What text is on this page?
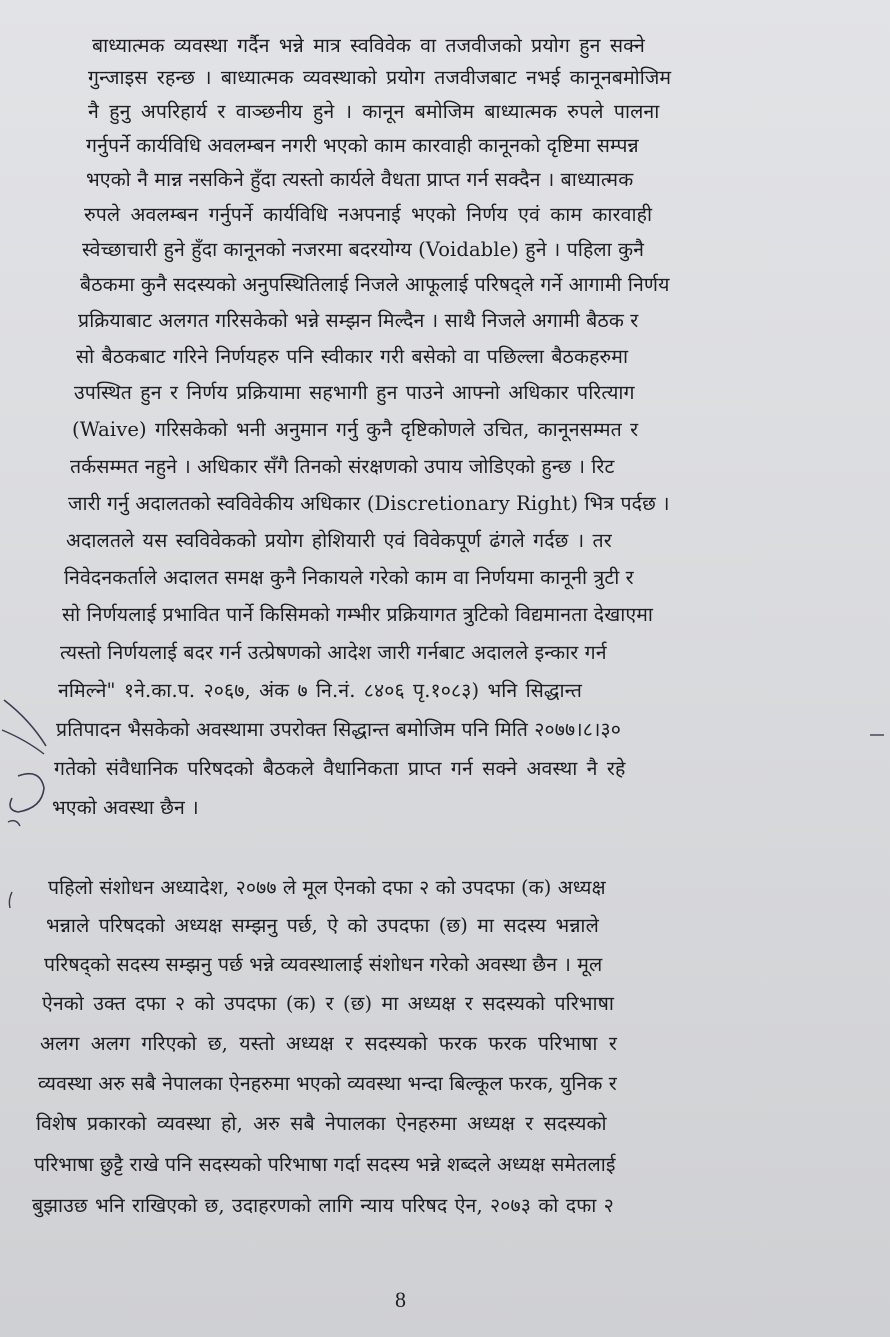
बाध्यात्मक व्यवस्था गर्दैन भन्ने मात्र स्वविवेक वा तजवीजको प्रयोग हुन सक्ने
गुन्जाइस रहन्छ । बाध्यात्मक व्यवस्थाको प्रयोग तजवीजबाट नभई कानूनबमोजिम
नै हुनु अपरिहार्य र वाञ्छनीय हुने । कानून बमोजिम बाध्यात्मक रुपले पालना
गर्नुपर्ने कार्यविधि अवलम्बन नगरी भएको काम कारवाही कानूनको दृष्टिमा सम्पन्न
भएको नै मान्न नसकिने हुँदा त्यस्तो कार्यले वैधता प्राप्त गर्न सक्दैन । बाध्यात्मक
रुपले अवलम्बन गर्नुपर्ने कार्यविधि नअपनाई भएको निर्णय एवं काम कारवाही
स्वेच्छाचारी हुने हुँदा कानूनको नजरमा बदरयोग्य (Voidable) हुने । पहिला कुनै
बैठकमा कुनै सदस्यको अनुपस्थितिलाई निजले आफूलाई परिषद्ले गर्ने आगामी निर्णय
प्रक्रियाबाट अलगत गरिसकेको भन्ने सम्झन मिल्दैन । साथै निजले अगामी बैठक र
सो बैठकबाट गरिने निर्णयहरु पनि स्वीकार गरी बसेको वा पछिल्ला बैठकहरुमा
उपस्थित हुन र निर्णय प्रक्रियामा सहभागी हुन पाउने आफ्नो अधिकार परित्याग
(Waive) गरिसकेको भनी अनुमान गर्नु कुनै दृष्टिकोणले उचित, कानूनसम्मत र
तर्कसम्मत नहुने । अधिकार सँगै तिनको संरक्षणको उपाय जोडिएको हुन्छ । रिट
जारी गर्नु अदालतको स्वविवेकीय अधिकार (Discretionary Right) भित्र पर्दछ ।
अदालतले यस स्वविवेकको प्रयोग होशियारी एवं विवेकपूर्ण ढंगले गर्दछ । तर
निवेदनकर्ताले अदालत समक्ष कुनै निकायले गरेको काम वा निर्णयमा कानूनी त्रुटी र
सो निर्णयलाई प्रभावित पार्ने किसिमको गम्भीर प्रक्रियागत त्रुटिको विद्यमानता देखाएमा
त्यस्तो निर्णयलाई बदर गर्न उत्प्रेषणको आदेश जारी गर्नबाट अदालले इन्कार गर्न
नमिल्ने" १ने.का.प. २०६७, अंक ७ नि.नं. ८४०६ पृ.१०८३) भनि सिद्धान्त
प्रतिपादन भैसकेको अवस्थामा उपरोक्त सिद्धान्त बमोजिम पनि मिति २०७७।८।३०
गतेको संवैधानिक परिषदको बैठकले वैधानिकता प्राप्त गर्न सक्ने अवस्था नै रहे
भएको अवस्था छैन ।
पहिलो संशोधन अध्यादेश, २०७७ ले मूल ऐनको दफा २ को उपदफा (क) अध्यक्ष
भन्नाले परिषदको अध्यक्ष सम्झनु पर्छ, ऐ को उपदफा (छ) मा सदस्य भन्नाले
परिषद्को सदस्य सम्झनु पर्छ भन्ने व्यवस्थालाई संशोधन गरेको अवस्था छैन । मूल
ऐनको उक्त दफा २ को उपदफा (क) र (छ) मा अध्यक्ष र सदस्यको परिभाषा
अलग अलग गरिएको छ, यस्तो अध्यक्ष र सदस्यको फरक फरक परिभाषा र
व्यवस्था अरु सबै नेपालका ऐनहरुमा भएको व्यवस्था भन्दा बिल्कूल फरक, युनिक र
विशेष प्रकारको व्यवस्था हो, अरु सबै नेपालका ऐनहरुमा अध्यक्ष र सदस्यको
परिभाषा छुट्टै राखे पनि सदस्यको परिभाषा गर्दा सदस्य भन्ने शब्दले अध्यक्ष समेतलाई
बुझाउछ भनि राखिएको छ, उदाहरणको लागि न्याय परिषद ऐन, २०७३ को दफा २
8
